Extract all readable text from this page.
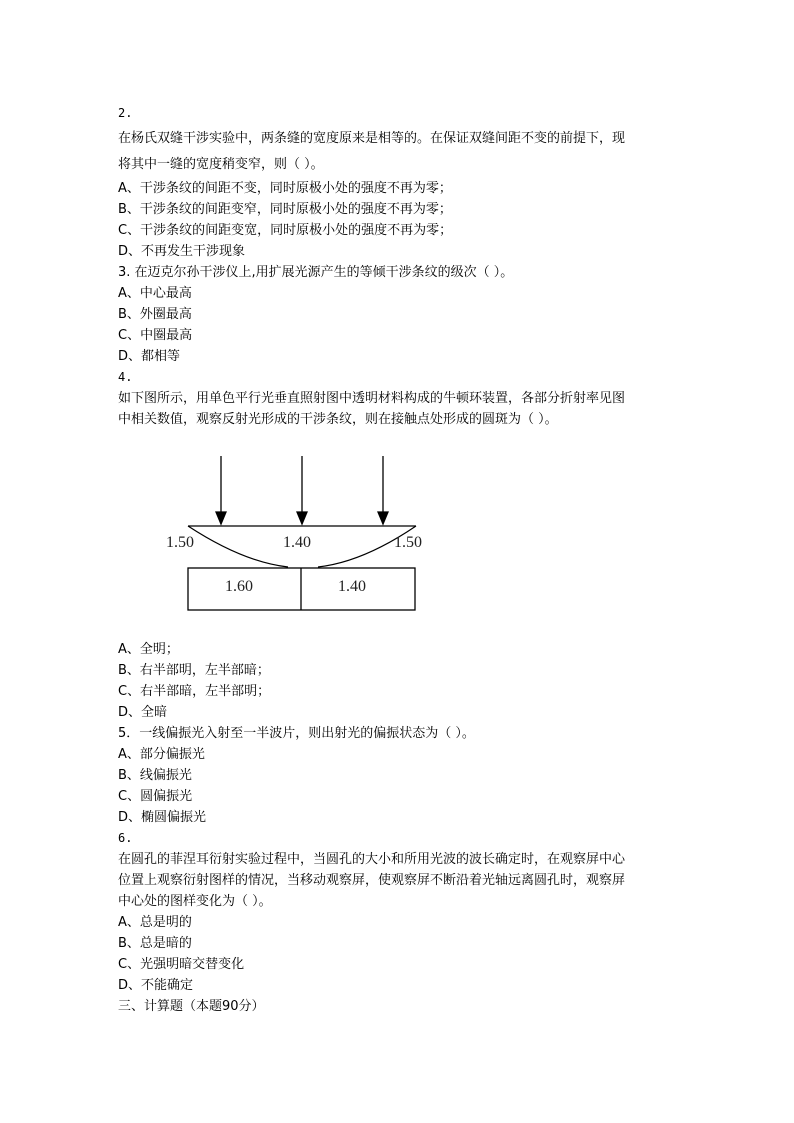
2.
在杨氏双缝干涉实验中，两条缝的宽度原来是相等的。在保证双缝间距不变的前提下，现
将其中一缝的宽度稍变窄，则（ ）。
A、干涉条纹的间距不变，同时原极小处的强度不再为零；
B、干涉条纹的间距变窄，同时原极小处的强度不再为零；
C、干涉条纹的间距变宽，同时原极小处的强度不再为零；
D、不再发生干涉现象
3. 在迈克尔孙干涉仪上,用扩展光源产生的等倾干涉条纹的级次（ ）。
A、中心最高
B、外圈最高
C、中圈最高
D、都相等
4.
如下图所示，用单色平行光垂直照射图中透明材料构成的牛顿环装置，各部分折射率见图
中相关数值，观察反射光形成的干涉条纹，则在接触点处形成的圆斑为（ ）。
1.50	1.40	1.50
1.60	1.40
A、全明；
B、右半部明，左半部暗；
C、右半部暗，左半部明；
D、全暗
5．一线偏振光入射至一半波片，则出射光的偏振状态为（ ）。
A、部分偏振光
B、线偏振光
C、圆偏振光
D、椭圆偏振光
6.
在圆孔的菲涅耳衍射实验过程中，当圆孔的大小和所用光波的波长确定时，在观察屏中心
位置上观察衍射图样的情况，当移动观察屏，使观察屏不断沿着光轴远离圆孔时，观察屏
中心处的图样变化为（ ）。
A、总是明的
B、总是暗的
C、光强明暗交替变化
D、不能确定
三、计算题（本题90分）
